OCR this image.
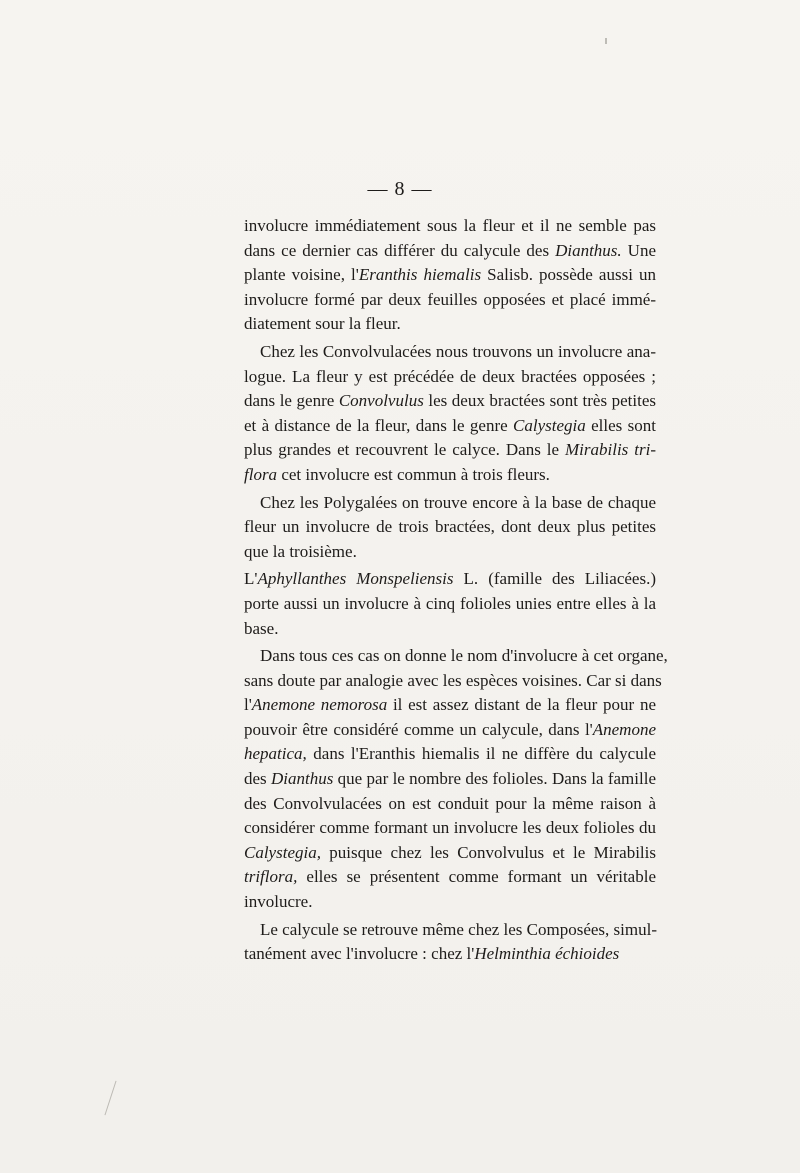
— 8 —
involucre immédiatement sous la fleur et il ne semble pas
dans ce dernier cas différer du calycule des Dianthus. Une
plante voisine, l'Eranthis hiemalis Salisb. possède aussi un
involucre formé par deux feuilles opposées et placé immé-
diatement sour la fleur.
Chez les Convolvulacées nous trouvons un involucre ana-
logue. La fleur y est précédée de deux bractées opposées ;
dans le genre Convolvulus les deux bractées sont très petites
et à distance de la fleur, dans le genre Calystegia elles sont
plus grandes et recouvrent le calyce. Dans le Mirabilis tri-
flora cet involucre est commun à trois fleurs.
Chez les Polygalées on trouve encore à la base de chaque
fleur un involucre de trois bractées, dont deux plus petites
que la troisième.
L'Aphyllanthes Monspeliensis L. (famille des Liliacées.)
porte aussi un involucre à cinq folioles unies entre elles à la
base.
Dans tous ces cas on donne le nom d'involucre à cet organe,
sans doute par analogie avec les espèces voisines. Car si dans
l'Anemone nemorosa il est assez distant de la fleur pour ne
pouvoir être considéré comme un calycule, dans l'Anemone
hepatica, dans l'Eranthis hiemalis il ne diffère du calycule
des Dianthus que par le nombre des folioles. Dans la famille
des Convolvulacées on est conduit pour la même raison à
considérer comme formant un involucre les deux folioles du
Calystegia, puisque chez les Convolvulus et le Mirabilis
triflora, elles se présentent comme formant un véritable
involucre.
Le calycule se retrouve même chez les Composées, simul-
tanément avec l'involucre : chez l'Helminthia échioides
